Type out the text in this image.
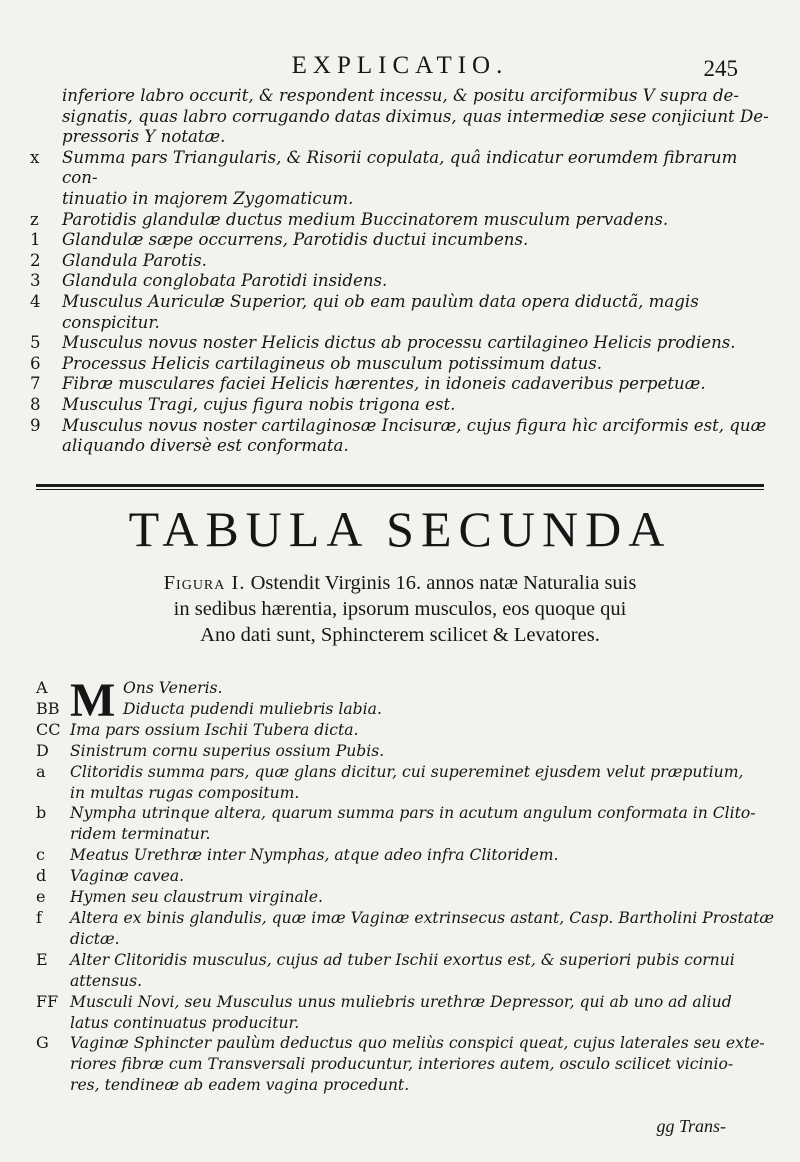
EXPLICATIO.	245
inferiore labro occurit, & respondent incessu, & positu arciformibus V supra de-
signatis, quas labro corrugando datas diximus, quas intermediæ sese conjiciunt De-
pressoris Y notatæ.
x	Summa pars Triangularis, & Risorii copulata, quâ indicatur eorumdem fibrarum con-
tinuatio in majorem Zygomaticum.
z	Parotidis glandulæ ductus medium Buccinatorem musculum pervadens.
1	Glandulæ sæpe occurrens, Parotidis ductui incumbens.
2	Glandula Parotis.
3	Glandula conglobata Parotidi insidens.
4	Musculus Auriculæ Superior, qui ob eam paulùm data opera diductã, magis conspicitur.
5	Musculus novus noster Helicis dictus ab processu cartilagineo Helicis prodiens.
6	Processus Helicis cartilagineus ob musculum potissimum datus.
7	Fibræ musculares faciei Helicis hærentes, in idoneis cadaveribus perpetuæ.
8	Musculus Tragi, cujus figura nobis trigona est.
9	Musculus novus noster cartilaginosæ Incisuræ, cujus figura hìc arciformis est, quæ
aliquando diversè est conformata.
TABULA SECUNDA
Figura I. Ostendit Virginis 16. annos natæ Naturalia suis
in sedibus hærentia, ipsorum musculos, eos quoque qui
Ano dati sunt, Sphincterem scilicet & Levatores.
M
A	Ons Veneris.
BB	Diducta pudendi muliebris labia.
CC Ima pars ossium Ischii Tubera dicta.
D	Sinistrum cornu superius ossium Pubis.
a	Clitoridis summa pars, quæ glans dicitur, cui supereminet ejusdem velut præputium,
in multas rugas compositum.
b	Nympha utrinque altera, quarum summa pars in acutum angulum conformata in Clito-
ridem terminatur.
c	Meatus Urethræ inter Nymphas, atque adeo infra Clitoridem.
d	Vaginæ cavea.
e	Hymen seu claustrum virginale.
f	Altera ex binis glandulis, quæ imæ Vaginæ extrinsecus astant, Casp. Bartholini Prostatæ
dictæ.
E	Alter Clitoridis musculus, cujus ad tuber Ischii exortus est, & superiori pubis cornui
attensus.
FF Musculi Novi, seu Musculus unus muliebris urethræ Depressor, qui ab uno ad aliud
latus continuatus producitur.
G	Vaginæ Sphincter paulùm deductus quo meliùs conspici queat, cujus laterales seu exte-
riores fibræ cum Transversali producuntur, interiores autem, osculo scilicet vicinio-
res, tendineæ ab eadem vagina procedunt.
gg Trans-
